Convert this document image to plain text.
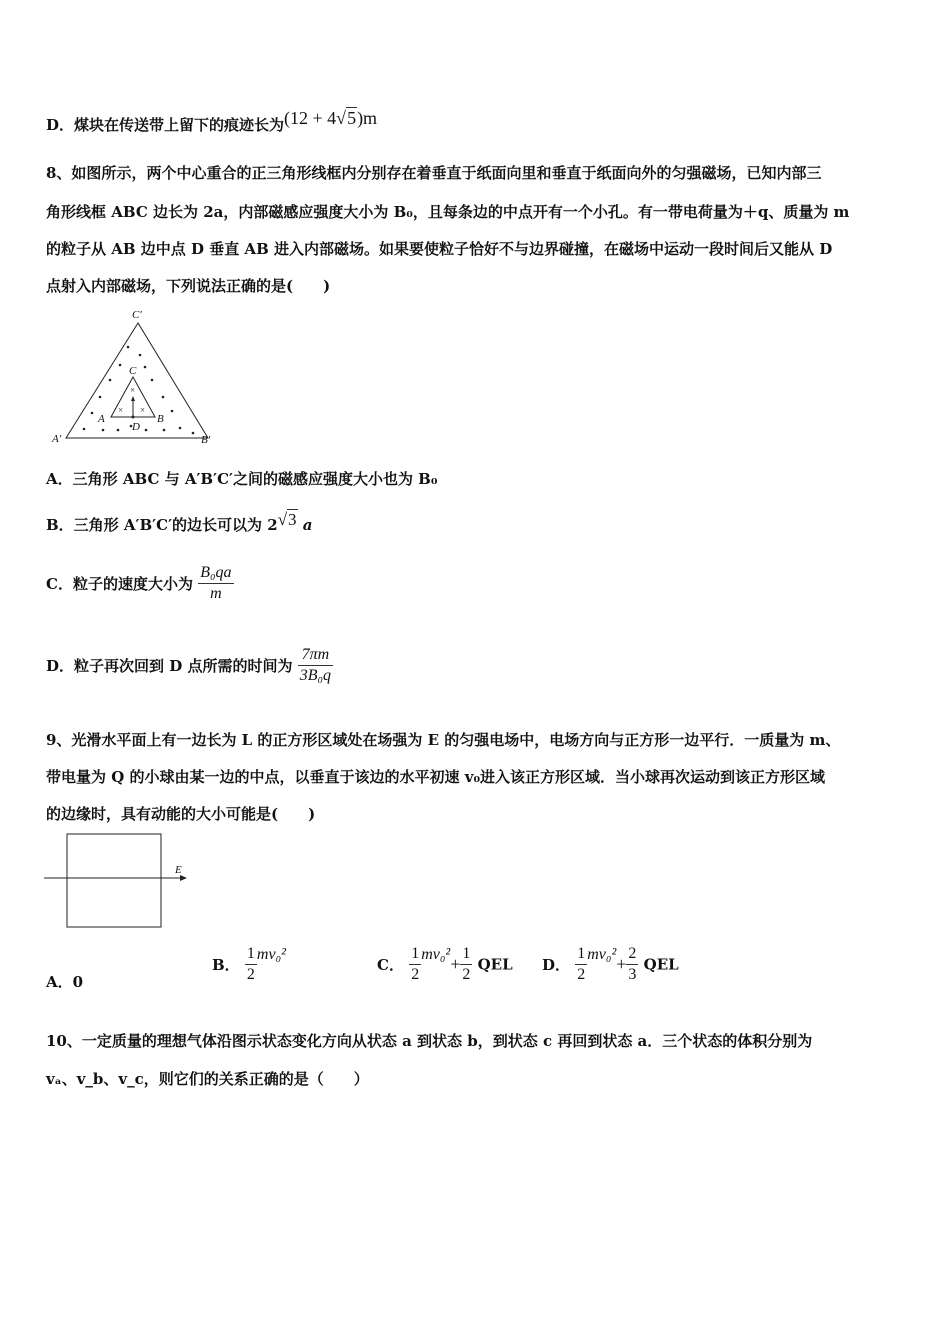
D．煤块在传送带上留下的痕迹长为(12 + 4√5)m
8、如图所示，两个中心重合的正三角形线框内分别存在着垂直于纸面向里和垂直于纸面向外的匀强磁场，已知内部三
角形线框 ABC 边长为 2a，内部磁感应强度大小为 B₀，且每条边的中点开有一个小孔。有一带电荷量为＋q、质量为 m
的粒子从 AB 边中点 D 垂直 AB 进入内部磁场。如果要使粒子恰好不与边界碰撞，在磁场中运动一段时间后又能从 D
点射入内部磁场，下列说法正确的是(　　)
×
× ×
C′
C
A	B
D
A′	B′
A．三角形 ABC 与 A′B′C′之间的磁感应强度大小也为 B₀
B．三角形 A′B′C′的边长可以为 2√3 a
C．粒子的速度大小为 $\frac{\text{B₀qa}}{m}$
D．粒子再次回到 D 点所需的时间为 $\frac{7\pi m}{\text{3B₀q}}$
9、光滑水平面上有一边长为 L 的正方形区域处在场强为 E 的匀强电场中，电场方向与正方形一边平行．一质量为 m、
带电量为 Q 的小球由某一边的中点，以垂直于该边的水平初速 v₀进入该正方形区域．当小球再次运动到该正方形区域
的边缘时，具有动能的大小可能是(　　)
E
A．0
B． $\frac{1}{2} mv_0^2$
C． $\frac{1}{2} mv_0^2+ \frac{1}{2}$ QEL D． $\frac{1}{2} mv_0^2+ \frac{2}{3}$ QEL
10、一定质量的理想气体沿图示状态变化方向从状态 a 到状态 b，到状态 c 再回到状态 a．三个状态的体积分别为
vₐ、v_b、v_c，则它们的关系正确的是（　　）
